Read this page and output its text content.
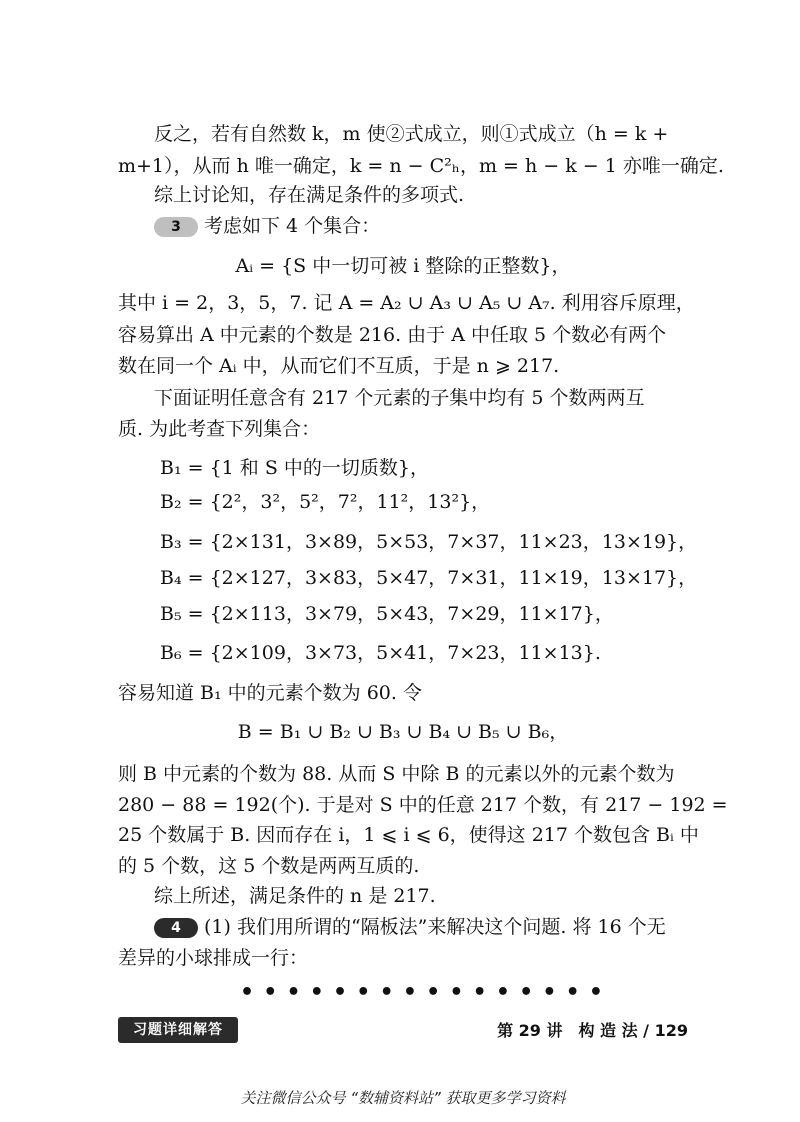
反之，若有自然数 k，m 使②式成立，则①式成立（h = k +
m+1），从而 h 唯一确定，k = n − C²ₕ，m = h − k − 1 亦唯一确定.
综上讨论知，存在满足条件的多项式.
3 考虑如下 4 个集合：
Aᵢ = {S 中一切可被 i 整除的正整数}，
其中 i = 2，3，5，7. 记 A = A₂ ∪ A₃ ∪ A₅ ∪ A₇. 利用容斥原理，
容易算出 A 中元素的个数是 216. 由于 A 中任取 5 个数必有两个
数在同一个 Aᵢ 中，从而它们不互质，于是 n ⩾ 217.
下面证明任意含有 217 个元素的子集中均有 5 个数两两互
质. 为此考查下列集合：
B₁ = {1 和 S 中的一切质数}，
B₂ = {2²，3²，5²，7²，11²，13²}，
B₃ = {2×131，3×89，5×53，7×37，11×23，13×19}，
B₄ = {2×127，3×83，5×47，7×31，11×19，13×17}，
B₅ = {2×113，3×79，5×43，7×29，11×17}，
B₆ = {2×109，3×73，5×41，7×23，11×13}.
容易知道 B₁ 中的元素个数为 60. 令
B = B₁ ∪ B₂ ∪ B₃ ∪ B₄ ∪ B₅ ∪ B₆，
则 B 中元素的个数为 88. 从而 S 中除 B 的元素以外的元素个数为
280 − 88 = 192(个). 于是对 S 中的任意 217 个数，有 217 − 192 =
25 个数属于 B. 因而存在 i，1 ⩽ i ⩽ 6，使得这 217 个数包含 Bᵢ 中
的 5 个数，这 5 个数是两两互质的.
综上所述，满足条件的 n 是 217.
4 (1) 我们用所谓的“隔板法”来解决这个问题. 将 16 个无
差异的小球排成一行：
••••••••••••••••
习题详细解答	第 29 讲　构 造 法 / 129
关注微信公众号 “数辅资料站” 获取更多学习资料
